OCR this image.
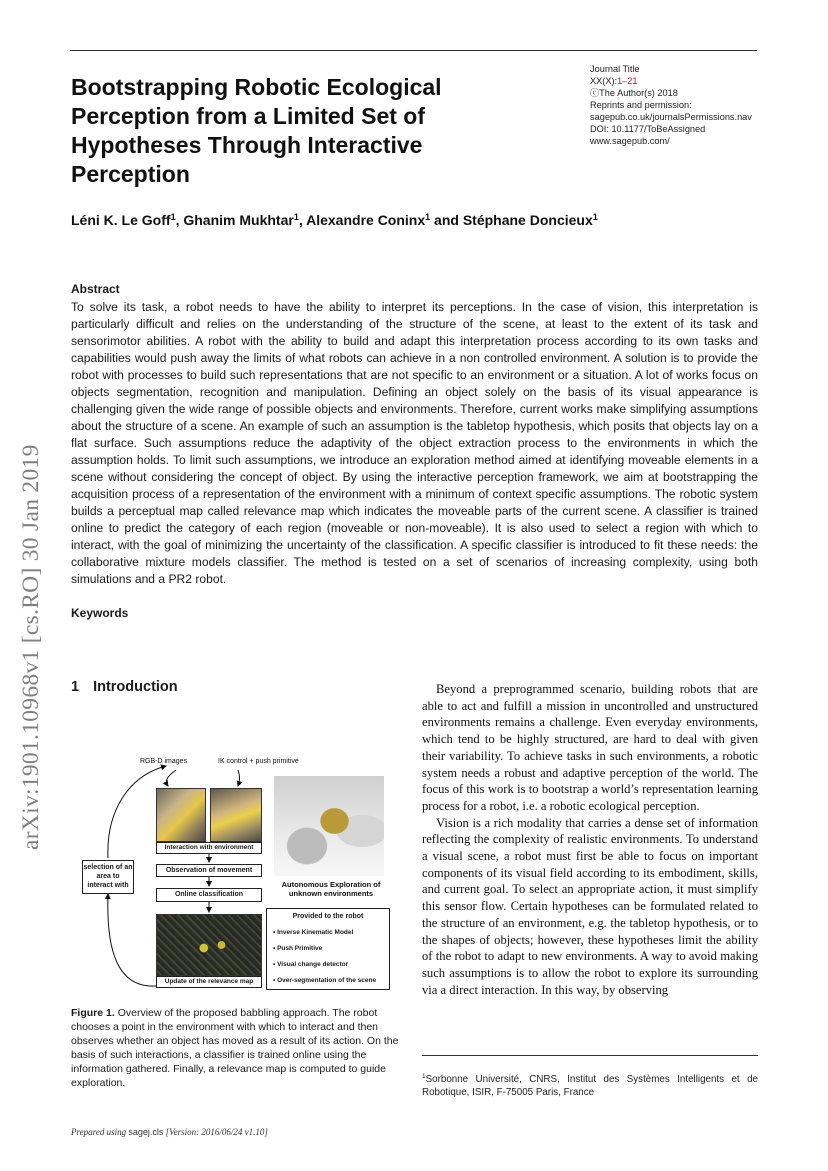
Bootstrapping Robotic Ecological Perception from a Limited Set of Hypotheses Through Interactive Perception
Journal Title
XX(X):1–21
ⓒThe Author(s) 2018
Reprints and permission:
sagepub.co.uk/journalsPermissions.nav
DOI: 10.1177/ToBeAssigned
www.sagepub.com/
Léni K. Le Goff$^1$, Ghanim Mukhtar$^1$, Alexandre Coninx$^1$ and Stéphane Doncieux$^1$
Abstract

To solve its task, a robot needs to have the ability to interpret its perceptions. In the case of vision, this interpretation is particularly difficult and relies on the understanding of the structure of the scene, at least to the extent of its task and sensorimotor abilities. A robot with the ability to build and adapt this interpretation process according to its own tasks and capabilities would push away the limits of what robots can achieve in a non controlled environment. A solution is to provide the robot with processes to build such representations that are not specific to an environment or a situation. A lot of works focus on objects segmentation, recognition and manipulation. Defining an object solely on the basis of its visual appearance is challenging given the wide range of possible objects and environments. Therefore, current works make simplifying assumptions about the structure of a scene. An example of such an assumption is the tabletop hypothesis, which posits that objects lay on a flat surface. Such assumptions reduce the adaptivity of the object extraction process to the environments in which the assumption holds. To limit such assumptions, we introduce an exploration method aimed at identifying moveable elements in a scene without considering the concept of object. By using the interactive perception framework, we aim at bootstrapping the acquisition process of a representation of the environment with a minimum of context specific assumptions. The robotic system builds a perceptual map called relevance map which indicates the moveable parts of the current scene. A classifier is trained online to predict the category of each region (moveable or non-moveable). It is also used to select a region with which to interact, with the goal of minimizing the uncertainty of the classification. A specific classifier is introduced to fit these needs: the collaborative mixture models classifier. The method is tested on a set of scenarios of increasing complexity, using both simulations and a PR2 robot.

Keywords
arXiv:1901.10968v1 [cs.RO] 30 Jan 2019 1 Introduction
RGB-D images	IK control + push primitive
Interaction with environment
Observation of movement
Online classification
selection of an area to interact with
Update of the relevance map
Autonomous Exploration of unknown environments
Provided to the robot
• Inverse Kinematic Model
• Push Primitive
• Visual change detector
• Over-segmentation of the scene
Figure 1. Overview of the proposed babbling approach. The robot chooses a point in the environment with which to interact and then observes whether an object has moved as a result of its action. On the basis of such interactions, a classifier is trained online using the information gathered. Finally, a relevance map is computed to guide exploration.

Beyond a preprogrammed scenario, building robots that are able to act and fulfill a mission in uncontrolled and unstructured environments remains a challenge. Even everyday environments, which tend to be highly structured, are hard to deal with given their variability. To achieve tasks in such environments, a robotic system needs a robust and adaptive perception of the world. The focus of this work is to bootstrap a world’s representation learning process for a robot, i.e. a robotic ecological perception.

Vision is a rich modality that carries a dense set of information reflecting the complexity of realistic environments. To understand a visual scene, a robot must first be able to focus on important components of its visual field according to its embodiment, skills, and current goal. To select an appropriate action, it must simplify this sensor flow. Certain hypotheses can be formulated related to the structure of an environment, e.g. the tabletop hypothesis, or to the shapes of objects; however, these hypotheses limit the ability of the robot to adapt to new environments. A way to avoid making such assumptions is to allow the robot to explore its surrounding via a direct interaction. In this way, by observing

$^1$Sorbonne Université, CNRS, Institut des Systèmes Intelligents et de Robotique, ISIR, F-75005 Paris, France
Prepared using sagej.cls [Version: 2016/06/24 v1.10]
